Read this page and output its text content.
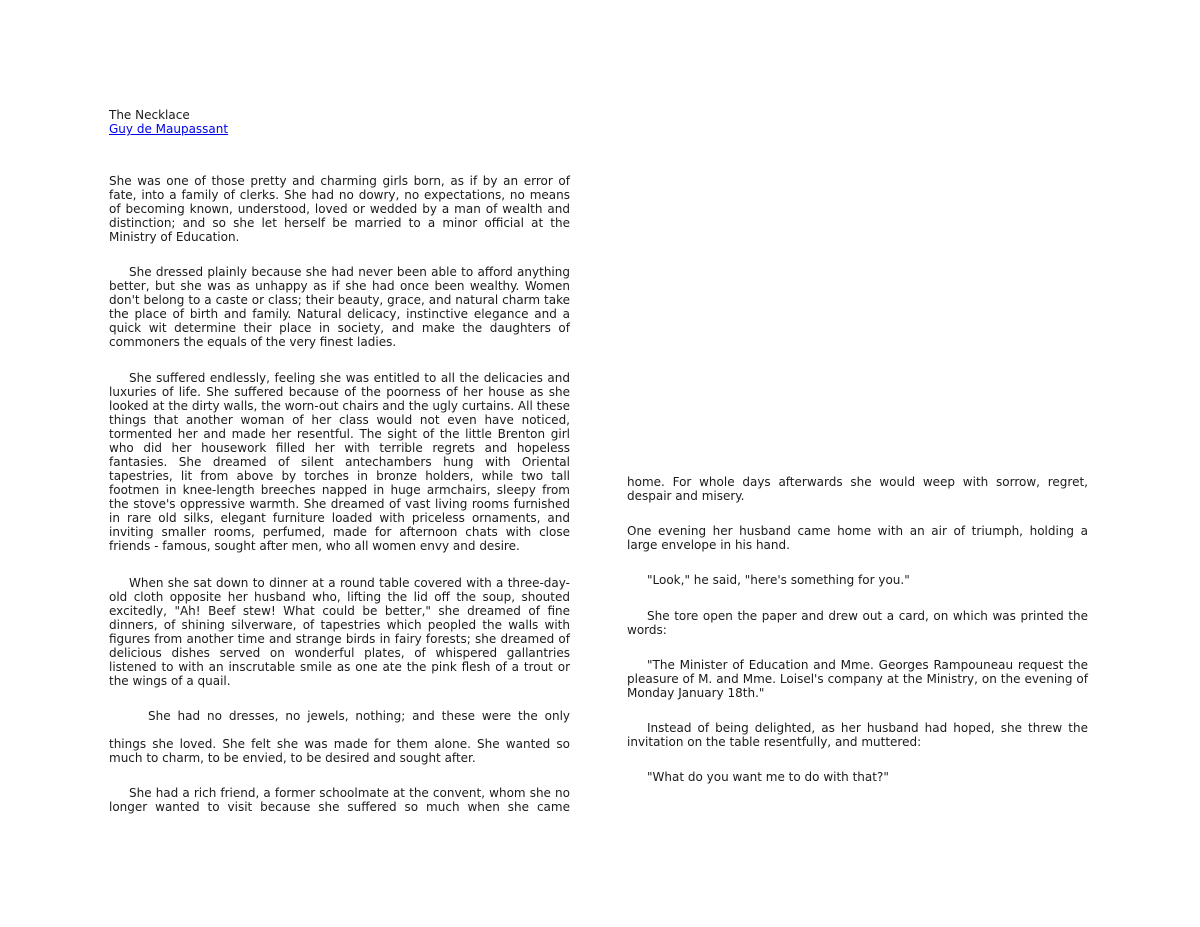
The Necklace
Guy de Maupassant

She was one of those pretty and charming girls born, as if by an error of fate, into a family of clerks. She had no dowry, no expectations, no means of becoming known, understood, loved or wedded by a man of wealth and distinction; and so she let herself be married to a minor official at the Ministry of Education.

She dressed plainly because she had never been able to afford anything better, but she was as unhappy as if she had once been wealthy. Women don't belong to a caste or class; their beauty, grace, and natural charm take the place of birth and family. Natural delicacy, instinctive elegance and a quick wit determine their place in society, and make the daughters of commoners the equals of the very finest ladies.

She suffered endlessly, feeling she was entitled to all the delicacies and luxuries of life. She suffered because of the poorness of her house as she looked at the dirty walls, the worn-out chairs and the ugly curtains. All these things that another woman of her class would not even have noticed, tormented her and made her resentful. The sight of the little Brenton girl who did her housework filled her with terrible regrets and hopeless fantasies. She dreamed of silent antechambers hung with Oriental tapestries, lit from above by torches in bronze holders, while two tall footmen in knee-length breeches napped in huge armchairs, sleepy from the stove's oppressive warmth. She dreamed of vast living rooms furnished in rare old silks, elegant furniture loaded with priceless ornaments, and inviting smaller rooms, perfumed, made for afternoon chats with close friends - famous, sought after men, who all women envy and desire.

When she sat down to dinner at a round table covered with a three-day-old cloth opposite her husband who, lifting the lid off the soup, shouted excitedly, "Ah! Beef stew! What could be better," she dreamed of fine dinners, of shining silverware, of tapestries which peopled the walls with figures from another time and strange birds in fairy forests; she dreamed of delicious dishes served on wonderful plates, of whispered gallantries listened to with an inscrutable smile as one ate the pink flesh of a trout or the wings of a quail.

She had no dresses, no jewels, nothing; and these were the only

things she loved. She felt she was made for them alone. She wanted so much to charm, to be envied, to be desired and sought after.

She had a rich friend, a former schoolmate at the convent, whom she no longer wanted to visit because she suffered so much when she came

home. For whole days afterwards she would weep with sorrow, regret, despair and misery.

One evening her husband came home with an air of triumph, holding a large envelope in his hand.

"Look," he said, "here's something for you."

She tore open the paper and drew out a card, on which was printed the words:

"The Minister of Education and Mme. Georges Rampouneau request the pleasure of M. and Mme. Loisel's company at the Ministry, on the evening of Monday January 18th."

Instead of being delighted, as her husband had hoped, she threw the invitation on the table resentfully, and muttered:

"What do you want me to do with that?"
